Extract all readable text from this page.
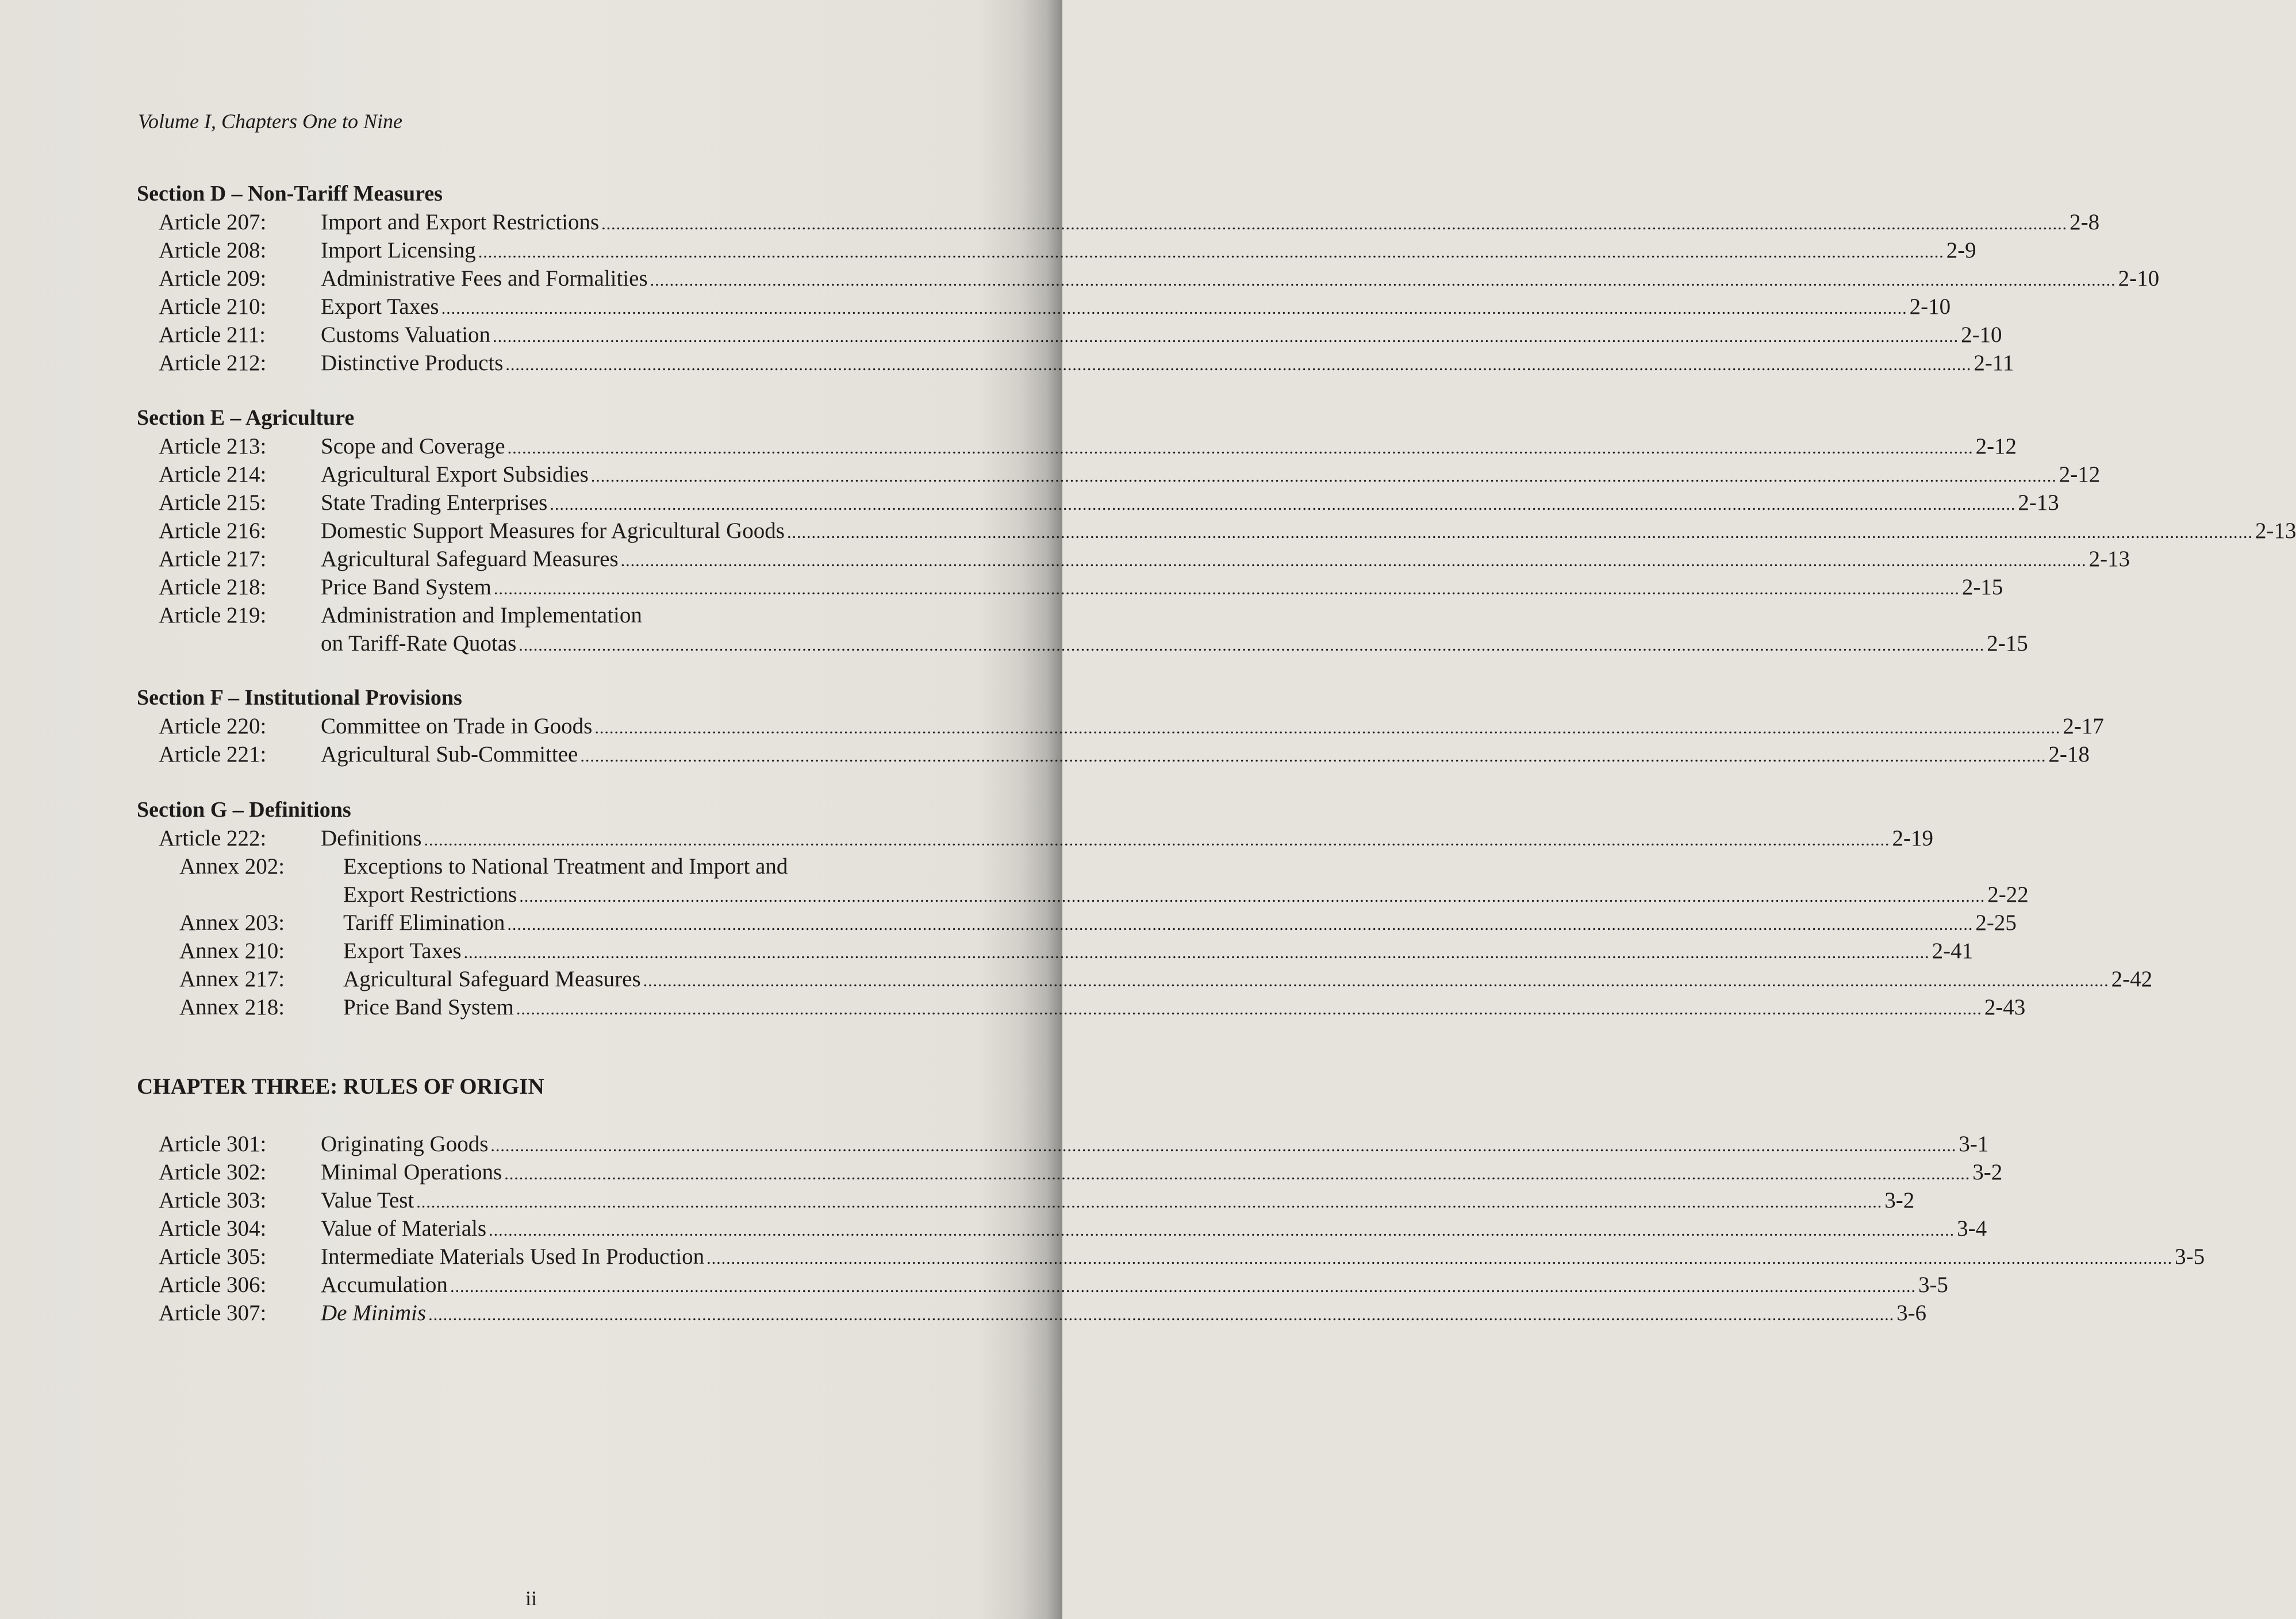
Volume I, Chapters One to Nine
Section D – Non-Tariff Measures
Article 207:	Import and Export Restrictions ............................................................................................................................................................................................................................................................................................................ 2-8
Article 208:	Import Licensing ............................................................................................................................................................................................................................................................................................................ 2-9
Article 209:	Administrative Fees and Formalities ............................................................................................................................................................................................................................................................................................................ 2-10
Article 210:	Export Taxes ............................................................................................................................................................................................................................................................................................................ 2-10
Article 211:	Customs Valuation ............................................................................................................................................................................................................................................................................................................ 2-10
Article 212:	Distinctive Products ............................................................................................................................................................................................................................................................................................................ 2-11
Section E – Agriculture
Article 213:	Scope and Coverage ............................................................................................................................................................................................................................................................................................................ 2-12
Article 214:	Agricultural Export Subsidies ............................................................................................................................................................................................................................................................................................................ 2-12
Article 215:	State Trading Enterprises ............................................................................................................................................................................................................................................................................................................ 2-13
Article 216:	Domestic Support Measures for Agricultural Goods ............................................................................................................................................................................................................................................................................................................ 2-13
Article 217:	Agricultural Safeguard Measures ............................................................................................................................................................................................................................................................................................................ 2-13
Article 218:	Price Band System ............................................................................................................................................................................................................................................................................................................ 2-15
Article 219:	Administration and Implementation
on Tariff-Rate Quotas ............................................................................................................................................................................................................................................................................................................ 2-15
Section F – Institutional Provisions
Article 220:	Committee on Trade in Goods ............................................................................................................................................................................................................................................................................................................ 2-17
Article 221:	Agricultural Sub-Committee ............................................................................................................................................................................................................................................................................................................ 2-18
Section G – Definitions
Article 222:	Definitions ............................................................................................................................................................................................................................................................................................................ 2-19
Annex 202:	Exceptions to National Treatment and Import and
Export Restrictions ............................................................................................................................................................................................................................................................................................................ 2-22
Annex 203:	Tariff Elimination ............................................................................................................................................................................................................................................................................................................ 2-25
Annex 210:	Export Taxes ............................................................................................................................................................................................................................................................................................................ 2-41
Annex 217:	Agricultural Safeguard Measures ............................................................................................................................................................................................................................................................................................................ 2-42
Annex 218:	Price Band System ............................................................................................................................................................................................................................................................................................................ 2-43
CHAPTER THREE: RULES OF ORIGIN
Article 301:	Originating Goods ............................................................................................................................................................................................................................................................................................................ 3-1
Article 302:	Minimal Operations ............................................................................................................................................................................................................................................................................................................ 3-2
Article 303:	Value Test ............................................................................................................................................................................................................................................................................................................ 3-2
Article 304:	Value of Materials ............................................................................................................................................................................................................................................................................................................ 3-4
Article 305:	Intermediate Materials Used In Production ............................................................................................................................................................................................................................................................................................................ 3-5
Article 306:	Accumulation ............................................................................................................................................................................................................................................................................................................ 3-5
Article 307:	De Minimis ............................................................................................................................................................................................................................................................................................................ 3-6
ii
